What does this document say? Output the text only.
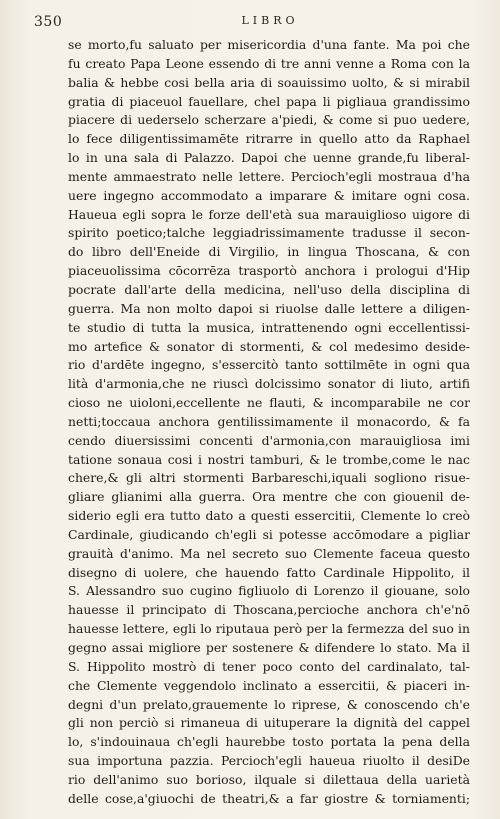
350	LIBRO
se morto,fu saluato per misericordia d'una fante. Ma poi che
fu creato Papa Leone essendo di tre anni venne a Roma con la
balia & hebbe cosi bella aria di soauissimo uolto, & si mirabil
gratia di piaceuol fauellare, chel papa li pigliaua grandissimo
piacere di uederselo scherzare a'piedi, & come si puo uedere,
lo fece diligentissimamēte ritrarre in quello atto da Raphael
lo in una sala di Palazzo. Dapoi che uenne grande,fu liberal-
mente ammaestrato nelle lettere. Percioch'egli mostraua d'ha
uere ingegno accommodato a imparare & imitare ogni cosa.
Haueua egli sopra le forze dell'età sua marauiglioso uigore di
spirito poetico;talche leggiadrissimamente tradusse il secon-
do libro dell'Eneide di Virgilio, in lingua Thoscana, & con
piaceuolissima cōcorrēza trasportò anchora i prologui d'Hip
pocrate dall'arte della medicina, nell'uso della disciplina di
guerra. Ma non molto dapoi si riuolse dalle lettere a diligen-
te studio di tutta la musica, intrattenendo ogni eccellentissi-
mo artefice & sonator di stormenti, & col medesimo deside-
rio d'ardēte ingegno, s'essercitò tanto sottilmēte in ogni qua
lità d'armonia,che ne riuscì dolcissimo sonator di liuto, artifi
cioso ne uioloni,eccellente ne flauti, & incomparabile ne cor
netti;toccaua anchora gentilissimamente il monacordo, & fa
cendo diuersissimi concenti d'armonia,con marauigliosa imi
tatione sonaua cosi i nostri tamburi, & le trombe,come le nac
chere,& gli altri stormenti Barbareschi,iquali sogliono risue-
gliare glianimi alla guerra. Ora mentre che con giouenil de-
siderio egli era tutto dato a questi essercitii, Clemente lo creò
Cardinale, giudicando ch'egli si potesse accōmodare a pigliar
grauità d'animo. Ma nel secreto suo Clemente faceua questo
disegno di uolere, che hauendo fatto Cardinale Hippolito, il
S. Alessandro suo cugino figliuolo di Lorenzo il giouane, solo
hauesse il principato di Thoscana,percioche anchora ch'e'nō
hauesse lettere, egli lo riputaua però per la fermezza del suo in
gegno assai migliore per sostenere & difendere lo stato. Ma il
S. Hippolito mostrò di tener poco conto del cardinalato, tal-
che Clemente veggendolo inclinato a essercitii, & piaceri in-
degni d'un prelato,grauemente lo riprese, & conoscendo ch'e
gli non perciò si rimaneua di uituperare la dignità del cappel
lo, s'indouinaua ch'egli haurebbe tosto portata la pena della
sua importuna pazzia. Percioch'egli haueua riuolto il desiDe
rio dell'animo suo borioso, ilquale si dilettaua della uarietà
delle cose,a'giuochi de theatri,& a far giostre & torniamenti;
